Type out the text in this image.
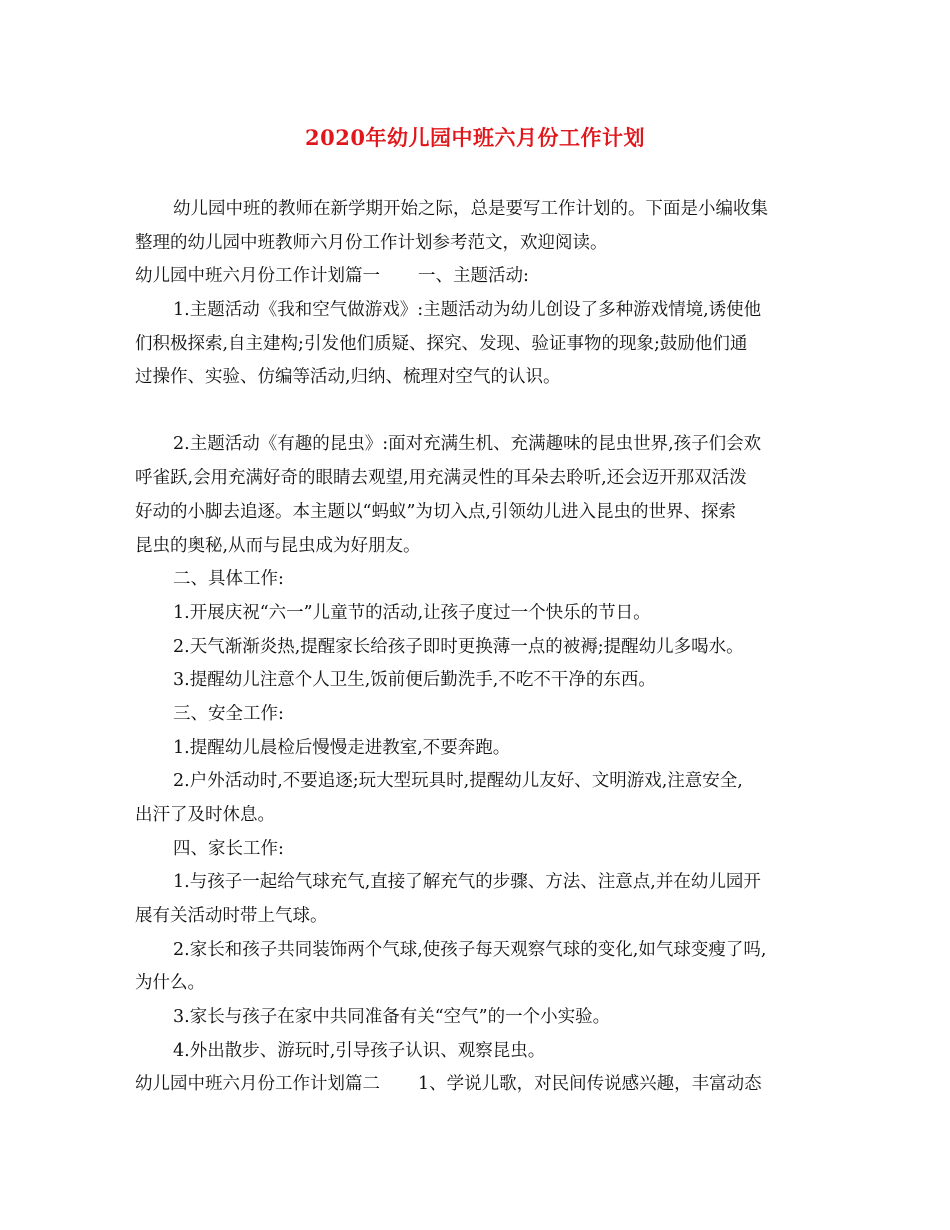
2020年幼儿园中班六月份工作计划
幼儿园中班的教师在新学期开始之际，总是要写工作计划的。下面是小编收集
整理的幼儿园中班教师六月份工作计划参考范文，欢迎阅读。
幼儿园中班六月份工作计划篇一 一、主题活动:
1.主题活动《我和空气做游戏》:主题活动为幼儿创设了多种游戏情境,诱使他
们积极探索,自主建构;引发他们质疑、探究、发现、验证事物的现象;鼓励他们通
过操作、实验、仿编等活动,归纳、梳理对空气的认识。
2.主题活动《有趣的昆虫》:面对充满生机、充满趣味的昆虫世界,孩子们会欢
呼雀跃,会用充满好奇的眼睛去观望,用充满灵性的耳朵去聆听,还会迈开那双活泼
好动的小脚去追逐。本主题以“蚂蚁”为切入点,引领幼儿进入昆虫的世界、探索
昆虫的奥秘,从而与昆虫成为好朋友。
二、具体工作:
1.开展庆祝“六一”儿童节的活动,让孩子度过一个快乐的节日。
2.天气渐渐炎热,提醒家长给孩子即时更换薄一点的被褥;提醒幼儿多喝水。
3.提醒幼儿注意个人卫生,饭前便后勤洗手,不吃不干净的东西。
三、安全工作:
1.提醒幼儿晨检后慢慢走进教室,不要奔跑。
2.户外活动时,不要追逐;玩大型玩具时,提醒幼儿友好、文明游戏,注意安全,
出汗了及时休息。
四、家长工作:
1.与孩子一起给气球充气,直接了解充气的步骤、方法、注意点,并在幼儿园开
展有关活动时带上气球。
2.家长和孩子共同装饰两个气球,使孩子每天观察气球的变化,如气球变瘦了吗,
为什么。
3.家长与孩子在家中共同准备有关“空气”的一个小实验。
4.外出散步、游玩时,引导孩子认识、观察昆虫。
幼儿园中班六月份工作计划篇二 1、学说儿歌，对民间传说感兴趣，丰富动态
